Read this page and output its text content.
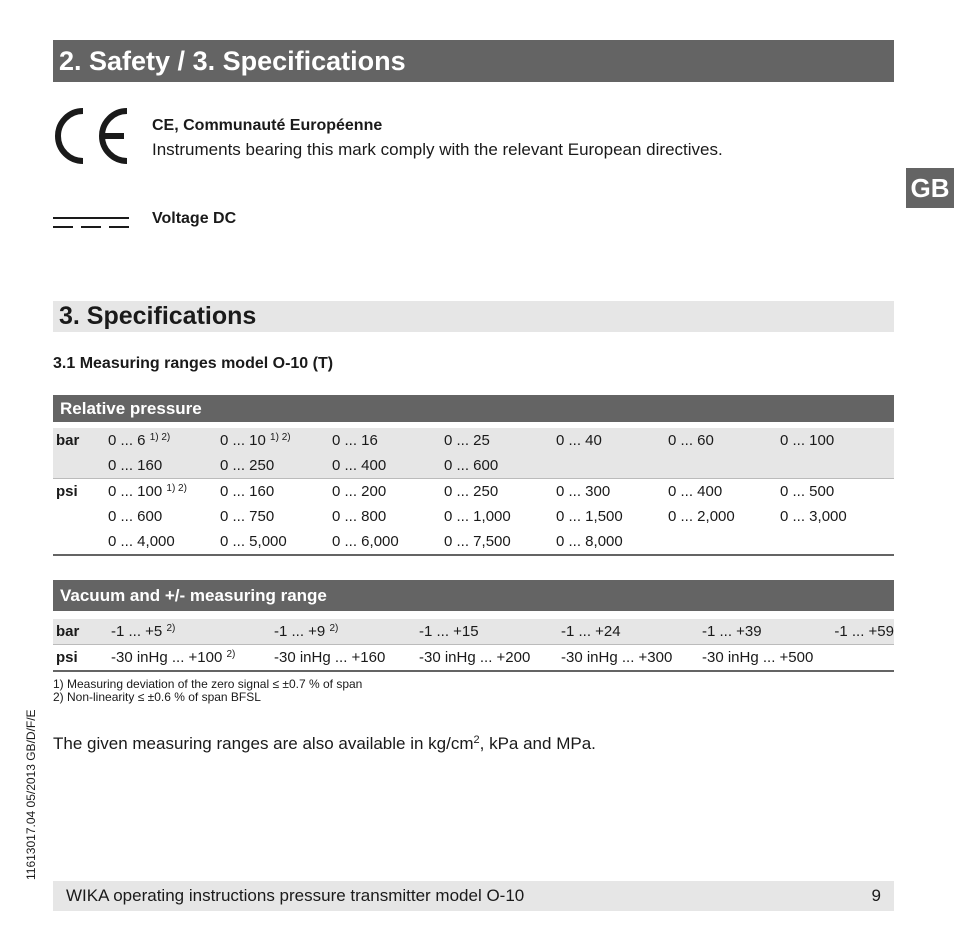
2. Safety / 3. Specifications
GB
CE, Communauté Européenne
Instruments bearing this mark comply with the relevant European directives.
Voltage DC
3. Specifications
3.1 Measuring ranges model O-10 (T)
Relative pressure
bar	0 ... 6 $^{1) 2)}$	0 ... 10 $^{1) 2)}$	0 ... 16	0 ... 25	0 ... 40	0 ... 60	0 ... 100
	0 ... 160	0 ... 250	0 ... 400	0 ... 600			
psi	0 ... 100 $^{1) 2)}$	0 ... 160	0 ... 200	0 ... 250	0 ... 300	0 ... 400	0 ... 500
	0 ... 600	0 ... 750	0 ... 800	0 ... 1,000	0 ... 1,500	0 ... 2,000	0 ... 3,000
	0 ... 4,000	0 ... 5,000	0 ... 6,000	0 ... 7,500	0 ... 8,000		
Vacuum and +/- measuring range
bar	-1 ... +5 $^{2)}$	-1 ... +9 $^{2)}$	-1 ... +15	-1 ... +24	-1 ... +39	-1 ... +59
psi	-30 inHg ... +100 $^{2)}$	-30 inHg ... +160	-30 inHg ... +200	-30 inHg ... +300	-30 inHg ... +500	
1) Measuring deviation of the zero signal ≤ ±0.7 % of span
2) Non-linearity ≤ ±0.6 % of span BFSL
The given measuring ranges are also available in $kg/cm^2$, kPa and MPa.
11613017.04 05/2013 GB/D/F/E
WIKA operating instructions pressure transmitter model O-10	9
